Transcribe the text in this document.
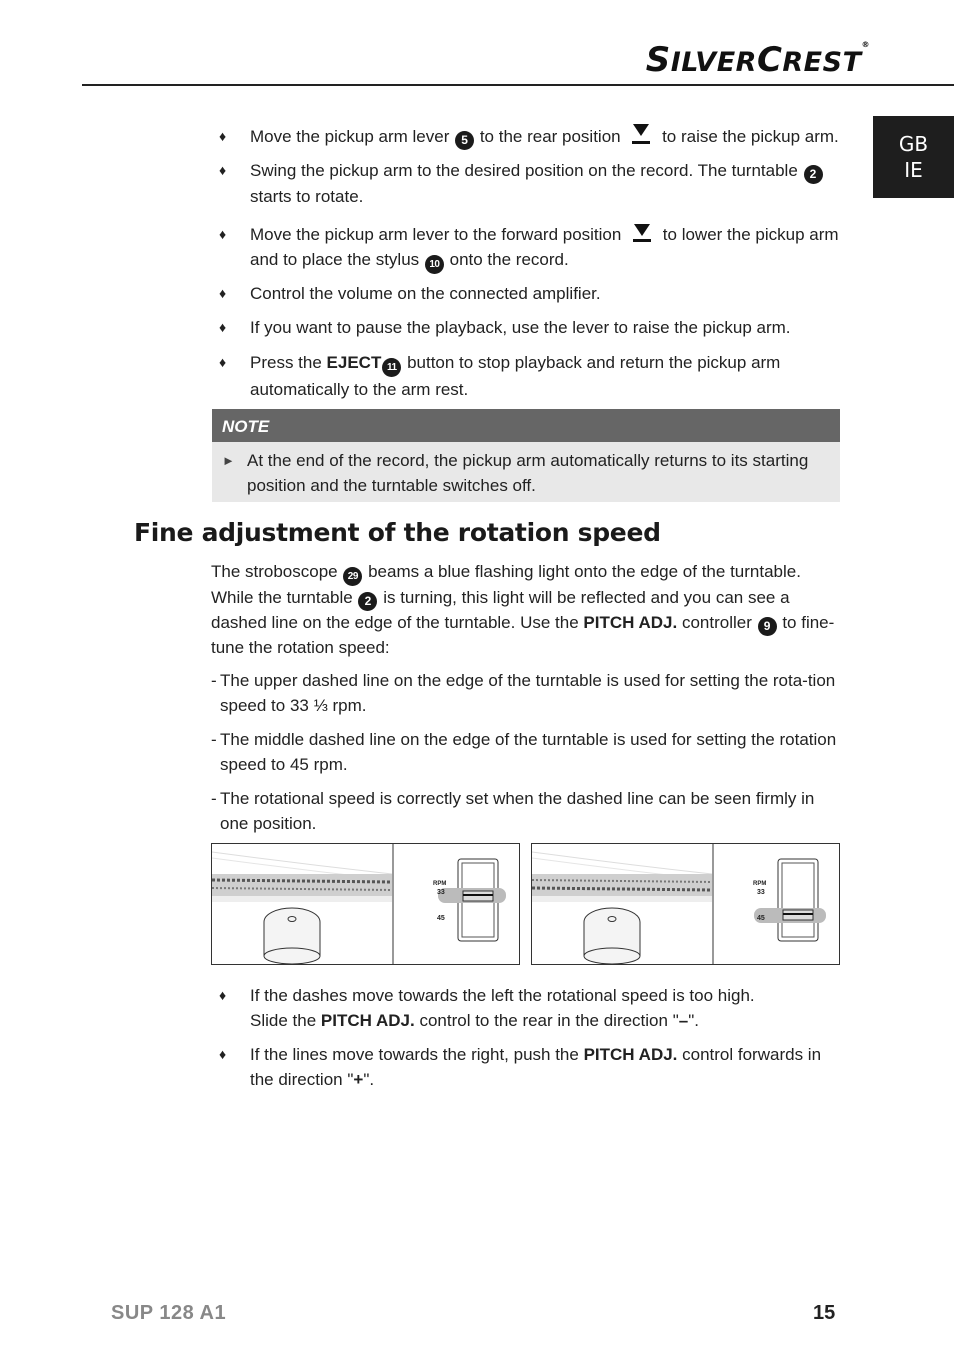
SILVERCREST®
GB
IE
♦ Move the pickup arm lever 5 to the rear position
to raise the pickup arm.
♦ Swing the pickup arm to the desired position on the record. The turntable 2 starts to rotate.
♦ Move the pickup arm lever to the forward position
to lower the pickup arm and to place the stylus 10 onto the record.
♦ Control the volume on the connected amplifier.
♦ If you want to pause the playback, use the lever to raise the pickup arm.
♦ Press the EJECT 11 button to stop playback and return the pickup arm automatically to the arm rest.
NOTE
► At the end of the record, the pickup arm automatically returns to its starting position and the turntable switches off.
Fine adjustment of the rotation speed
The stroboscope 29 beams a blue flashing light onto the edge of the turntable. While the turntable 2 is turning, this light will be reflected and you can see a dashed line on the edge of the turntable. Use the PITCH ADJ. controller 9 to fine-tune the rotation speed:
- The upper dashed line on the edge of the turntable is used for setting the rota-tion speed to 33 ⅓ rpm.
- The middle dashed line on the edge of the turntable is used for setting the rotation speed to 45 rpm.
- The rotational speed is correctly set when the dashed line can be seen firmly in one position.
RPM
33
45
RPM
33
45
♦ If the dashes move towards the left the rotational speed is too high.
Slide the PITCH ADJ. control to the rear in the direction "–".
♦ If the lines move towards the right, push the PITCH ADJ. control forwards in the direction "+".
SUP 128 A1	15
